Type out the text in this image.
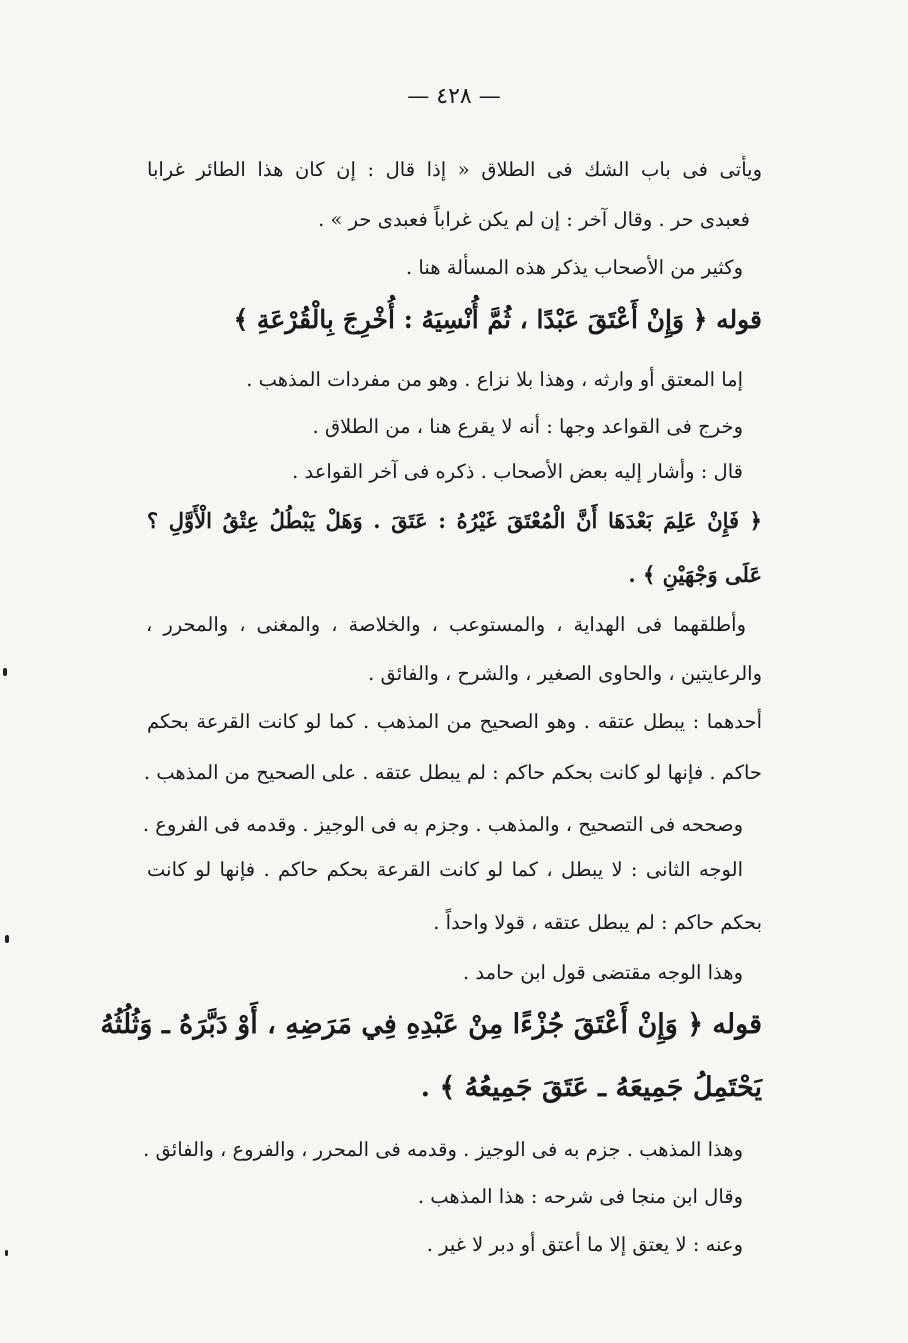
— ٤٢٨ —
ويأتى فى باب الشك فى الطلاق « إذا قال : إن كان هذا الطائر غرابا
فعبدى حر . وقال آخر : إن لم يكن غراباً فعبدى حر » .
وكثير من الأصحاب يذكر هذه المسألة هنا .
قوله ﴿ وَإِنْ أَعْتَقَ عَبْدًا ، ثُمَّ أُنْسِيَهُ : أُخْرِجَ بِالْقُرْعَةِ ﴾
إما المعتق أو وارثه ، وهذا بلا نزاع . وهو من مفردات المذهب .
وخرج فى القواعد وجها : أنه لا يقرع هنا ، من الطلاق .
قال : وأشار إليه بعض الأصحاب . ذكره فى آخر القواعد .
﴿ فَإِنْ عَلِمَ بَعْدَهَا أَنَّ الْمُعْتَقَ غَيْرُهُ : عَتَقَ . وَهَلْ يَبْطُلُ عِتْقُ الْأَوَّلِ ؟
عَلَى وَجْهَيْنِ ﴾ .
وأطلقهما فى الهداية ، والمستوعب ، والخلاصة ، والمغنى ، والمحرر ،
والرعايتين ، والحاوى الصغير ، والشرح ، والفائق .
أحدهما : يبطل عتقه . وهو الصحيح من المذهب . كما لو كانت القرعة بحكم
حاكم . فإنها لو كانت بحكم حاكم : لم يبطل عتقه . على الصحيح من المذهب .
وصححه فى التصحيح ، والمذهب . وجزم به فى الوجيز . وقدمه فى الفروع .
الوجه الثانى : لا يبطل ، كما لو كانت القرعة بحكم حاكم . فإنها لو كانت
بحكم حاكم : لم يبطل عتقه ، قولا واحداً .
وهذا الوجه مقتضى قول ابن حامد .
قوله ﴿ وَإِنْ أَعْتَقَ جُزْءًا مِنْ عَبْدِهِ فِي مَرَضِهِ ، أَوْ دَبَّرَهُ ـ وَثُلُثُهُ
يَحْتَمِلُ جَمِيعَهُ ـ عَتَقَ جَمِيعُهُ ﴾ .
وهذا المذهب . جزم به فى الوجيز . وقدمه فى المحرر ، والفروع ، والفائق .
وقال ابن منجا فى شرحه : هذا المذهب .
وعنه : لا يعتق إلا ما أعتق أو دبر لا غير .
